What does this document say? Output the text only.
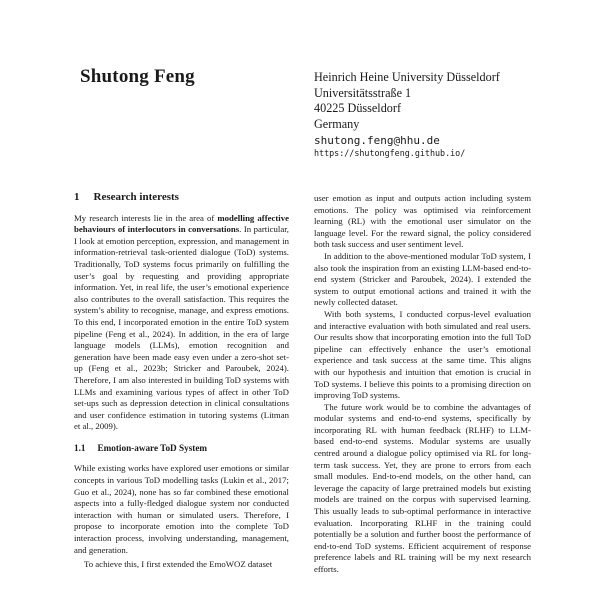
Shutong Feng	Heinrich Heine University Düsseldorf
Universitätsstraße 1
40225 Düsseldorf
Germany
shutong.feng@hhu.de
https://shutongfeng.github.io/
1 Research interests

My research interests lie in the area of modelling affective behaviours of interlocutors in conversations. In particular, I look at emotion perception, expression, and management in information-retrieval task-oriented dialogue (ToD) systems. Traditionally, ToD systems focus primarily on fulfilling the user’s goal by requesting and providing appropriate information. Yet, in real life, the user’s emotional experience also contributes to the overall satisfaction. This requires the system’s ability to recognise, manage, and express emotions. To this end, I incorporated emotion in the entire ToD system pipeline (Feng et al., 2024). In addition, in the era of large language models (LLMs), emotion recognition and generation have been made easy even under a zero-shot set-up (Feng et al., 2023b; Stricker and Paroubek, 2024). Therefore, I am also interested in building ToD systems with LLMs and examining various types of affect in other ToD set-ups such as depression detection in clinical consultations and user confidence estimation in tutoring systems (Litman et al., 2009).

1.1 Emotion-aware ToD System

While existing works have explored user emotions or similar concepts in various ToD modelling tasks (Lukin et al., 2017; Guo et al., 2024), none has so far combined these emotional aspects into a fully-fledged dialogue system nor conducted interaction with human or simulated users. Therefore, I propose to incorporate emotion into the complete ToD interaction process, involving understanding, management, and generation.

To achieve this, I first extended the EmoWOZ dataset

user emotion as input and outputs action including system emotions. The policy was optimised via reinforcement learning (RL) with the emotional user simulator on the language level. For the reward signal, the policy considered both task success and user sentiment level.

In addition to the above-mentioned modular ToD system, I also took the inspiration from an existing LLM-based end-to-end system (Stricker and Paroubek, 2024). I extended the system to output emotional actions and trained it with the newly collected dataset.

With both systems, I conducted corpus-level evaluation and interactive evaluation with both simulated and real users. Our results show that incorporating emotion into the full ToD pipeline can effectively enhance the user’s emotional experience and task success at the same time. This aligns with our hypothesis and intuition that emotion is crucial in ToD systems. I believe this points to a promising direction on improving ToD systems.

The future work would be to combine the advantages of modular systems and end-to-end systems, specifically by incorporating RL with human feedback (RLHF) to LLM-based end-to-end systems. Modular systems are usually centred around a dialogue policy optimised via RL for long-term task success. Yet, they are prone to errors from each small modules. End-to-end models, on the other hand, can leverage the capacity of large pretrained models but existing models are trained on the corpus with supervised learning. This usually leads to sub-optimal performance in interactive evaluation. Incorporating RLHF in the training could potentially be a solution and further boost the performance of end-to-end ToD systems. Efficient acquirement of response preference labels and RL training will be my next research efforts.
